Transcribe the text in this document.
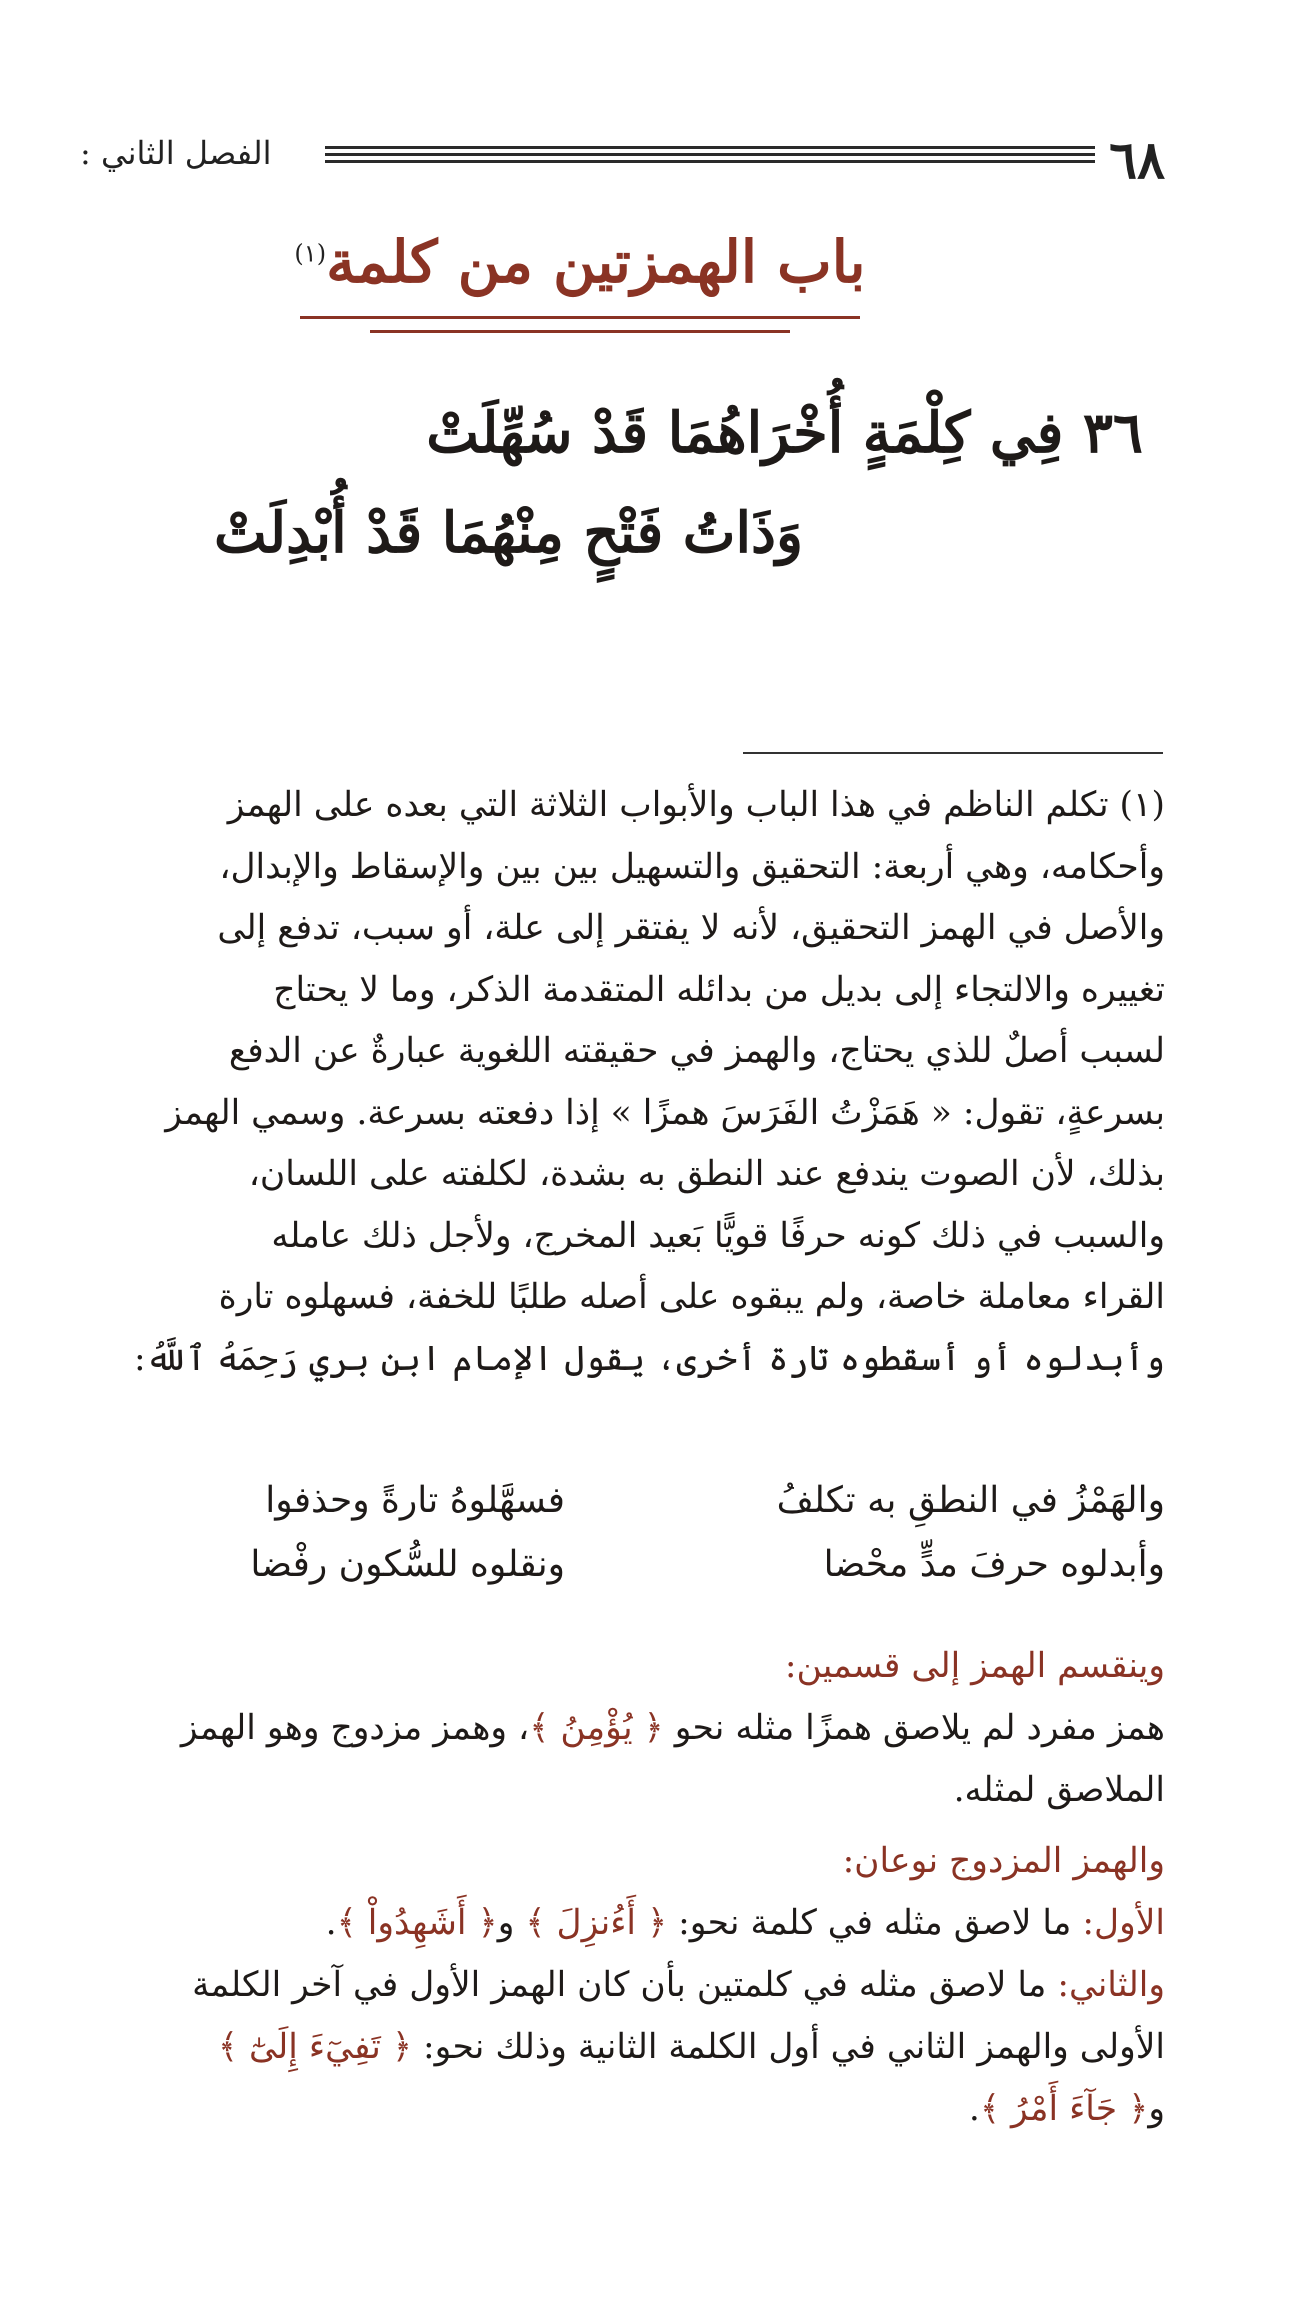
٦٨
الفصل الثاني :
باب الهمزتين من كلمة$^{(١)}$
٣٦ فِي كِلْمَةٍ أُخْرَاهُمَا قَدْ سُهِّلَتْ
وَذَاتُ فَتْحٍ مِنْهُمَا قَدْ أُبْدِلَتْ

(١) تكلم الناظم في هذا الباب والأبواب الثلاثة التي بعده على الهمز

وأحكامه، وهي أربعة: التحقيق والتسهيل بين بين والإسقاط والإبدال،

والأصل في الهمز التحقيق، لأنه لا يفتقر إلى علة، أو سبب، تدفع إلى

تغييره والالتجاء إلى بديل من بدائله المتقدمة الذكر، وما لا يحتاج

لسبب أصلٌ للذي يحتاج، والهمز في حقيقته اللغوية عبارةٌ عن الدفع

بسرعةٍ، تقول: « هَمَزْتُ الفَرَسَ همزًا » إذا دفعته بسرعة. وسمي الهمز

بذلك، لأن الصوت يندفع عند النطق به بشدة، لكلفته على اللسان،

والسبب في ذلك كونه حرفًا قويًّا بَعيد المخرج، ولأجل ذلك عامله

القراء معاملة خاصة، ولم يبقوه على أصله طلبًا للخفة، فسهلوه تارة

وأبدلوه أو أسقطوه تارة أخرى، يقول الإمام ابن بري رَحِمَهُ ٱللَّهُ:

والهَمْزُ في النطقِ به تكلفُ
فسهَّلوهُ تارةً وحذفوا
وأبدلوه حرفَ مدٍّ محْضا
ونقلوه للسُّكون رفْضا

وينقسم الهمز إلى قسمين:

همز مفرد لم يلاصق همزًا مثله نحو ﴿ يُؤْمِنُ ﴾، وهمز مزدوج وهو الهمز

الملاصق لمثله.

والهمز المزدوج نوعان:

الأول: ما لاصق مثله في كلمة نحو: ﴿ أَءُنزِلَ ﴾ و﴿ أَشَهِدُواْ ﴾.

والثاني: ما لاصق مثله في كلمتين بأن كان الهمز الأول في آخر الكلمة

الأولى والهمز الثاني في أول الكلمة الثانية وذلك نحو: ﴿ تَفِيٓءَ إِلَىٰٓ ﴾

و﴿ جَآءَ أَمْرُ ﴾.
